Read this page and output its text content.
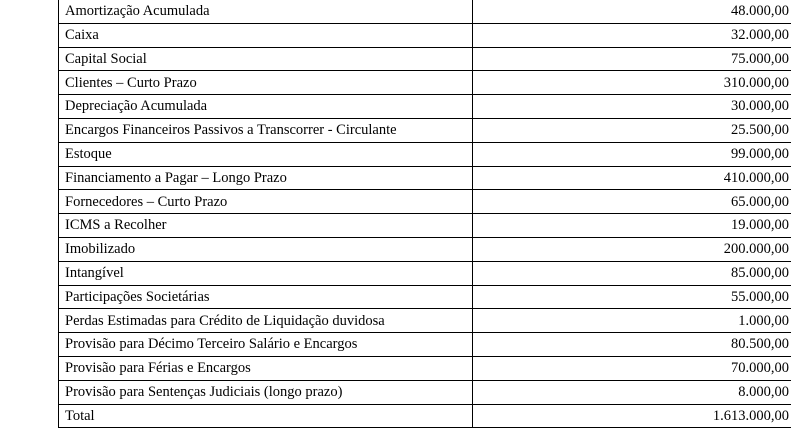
Amortização Acumulada	48.000,00
Caixa	32.000,00
Capital Social	75.000,00
Clientes – Curto Prazo	310.000,00
Depreciação Acumulada	30.000,00
Encargos Financeiros Passivos a Transcorrer - Circulante	25.500,00
Estoque	99.000,00
Financiamento a Pagar – Longo Prazo	410.000,00
Fornecedores – Curto Prazo	65.000,00
ICMS a Recolher	19.000,00
Imobilizado	200.000,00
Intangível	85.000,00
Participações Societárias	55.000,00
Perdas Estimadas para Crédito de Liquidação duvidosa	1.000,00
Provisão para Décimo Terceiro Salário e Encargos	80.500,00
Provisão para Férias e Encargos	70.000,00
Provisão para Sentenças Judiciais (longo prazo)	8.000,00
Total	1.613.000,00
